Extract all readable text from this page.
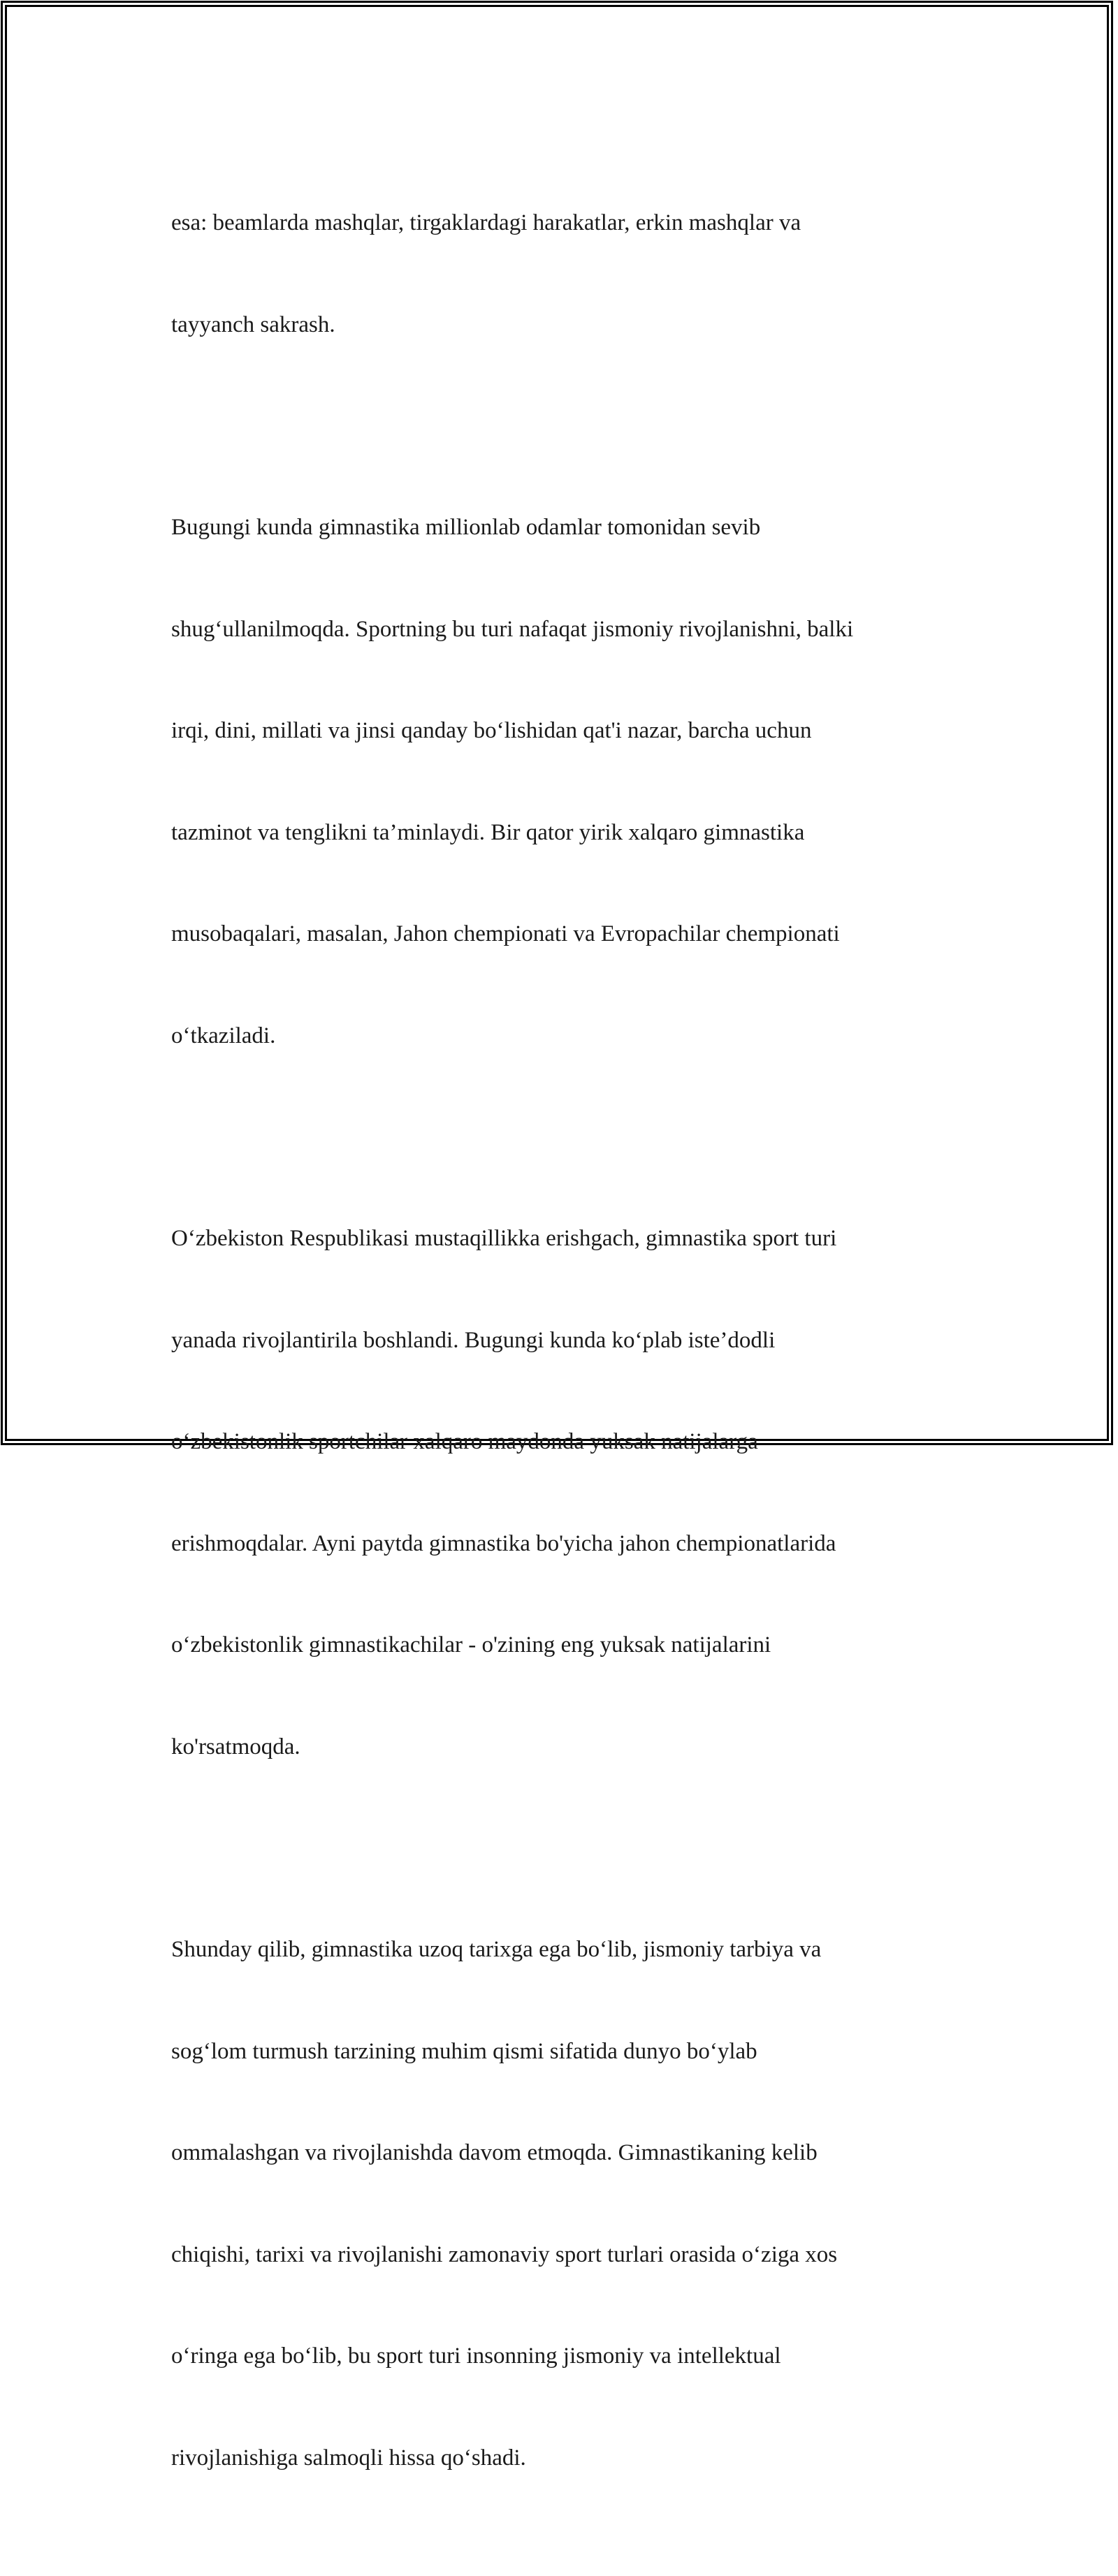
esa: beamlarda mashqlar, tirgaklardagi harakatlar, erkin mashqlar va

tayyanch sakrash.

Bugungi kunda gimnastika millionlab odamlar tomonidan sevib

shug‘ullanilmoqda. Sportning bu turi nafaqat jismoniy rivojlanishni, balki

irqi, dini, millati va jinsi qanday bo‘lishidan qat'i nazar, barcha uchun

tazminot va tenglikni ta’minlaydi. Bir qator yirik xalqaro gimnastika

musobaqalari, masalan, Jahon chempionati va Evropachilar chempionati

o‘tkaziladi.

O‘zbekiston Respublikasi mustaqillikka erishgach, gimnastika sport turi

yanada rivojlantirila boshlandi. Bugungi kunda ko‘plab iste’dodli

o‘zbekistonlik sportchilar xalqaro maydonda yuksak natijalarga

erishmoqdalar. Ayni paytda gimnastika bo'yicha jahon chempionatlarida

o‘zbekistonlik gimnastikachilar - o'zining eng yuksak natijalarini

ko'rsatmoqda.

Shunday qilib, gimnastika uzoq tarixga ega bo‘lib, jismoniy tarbiya va

sog‘lom turmush tarzining muhim qismi sifatida dunyo bo‘ylab

ommalashgan va rivojlanishda davom etmoqda. Gimnastikaning kelib

chiqishi, tarixi va rivojlanishi zamonaviy sport turlari orasida o‘ziga xos

o‘ringa ega bo‘lib, bu sport turi insonning jismoniy va intellektual

rivojlanishiga salmoqli hissa qo‘shadi.
